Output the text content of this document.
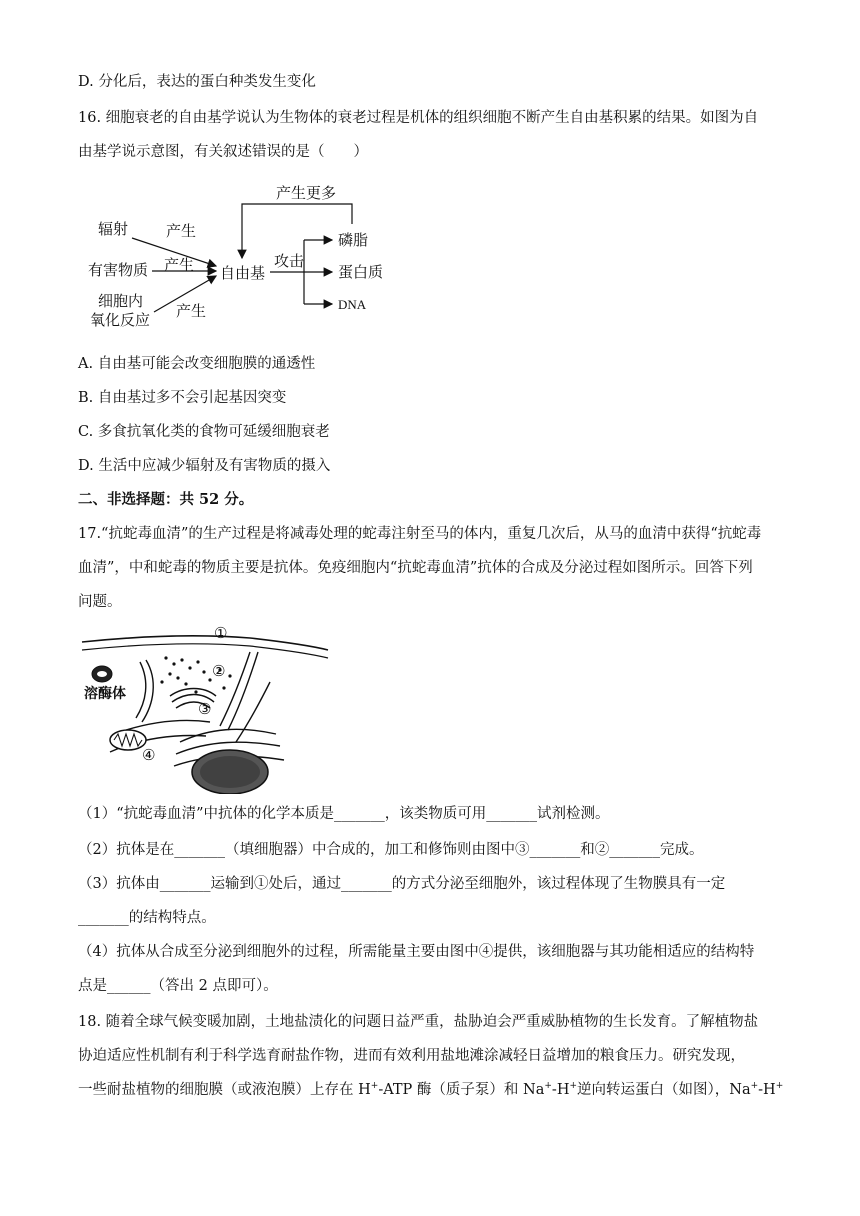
D. 分化后，表达的蛋白种类发生变化
16. 细胞衰老的自由基学说认为生物体的衰老过程是机体的组织细胞不断产生自由基积累的结果。如图为自
由基学说示意图，有关叙述错误的是（　　）
辐射	产生
有害物质 产生
细胞内
氧化反应 产生
自由基
产生更多
攻击
磷脂
蛋白质
DNA
A. 自由基可能会改变细胞膜的通透性
B. 自由基过多不会引起基因突变
C. 多食抗氧化类的食物可延缓细胞衰老
D. 生活中应减少辐射及有害物质的摄入
二、非选择题：共 52 分。
17.“抗蛇毒血清”的生产过程是将减毒处理的蛇毒注射至马的体内，重复几次后，从马的血清中获得“抗蛇毒
血清”，中和蛇毒的物质主要是抗体。免疫细胞内“抗蛇毒血清”抗体的合成及分泌过程如图所示。回答下列
问题。
溶酶体
①
②
③
④
（1）“抗蛇毒血清”中抗体的化学本质是_______，该类物质可用_______试剂检测。
（2）抗体是在_______（填细胞器）中合成的，加工和修饰则由图中③_______和②_______完成。
（3）抗体由_______运输到①处后，通过_______的方式分泌至细胞外，该过程体现了生物膜具有一定
_______的结构特点。
（4）抗体从合成至分泌到细胞外的过程，所需能量主要由图中④提供，该细胞器与其功能相适应的结构特
点是______（答出 2 点即可）。
18. 随着全球气候变暖加剧，土地盐渍化的问题日益严重，盐胁迫会严重威胁植物的生长发育。了解植物盐
协迫适应性机制有利于科学选育耐盐作物，进而有效利用盐地滩涂减轻日益增加的粮食压力。研究发现，
一些耐盐植物的细胞膜（或液泡膜）上存在 H+-ATP 酶（质子泵）和 Na+-H+逆向转运蛋白（如图），Na+-H+
